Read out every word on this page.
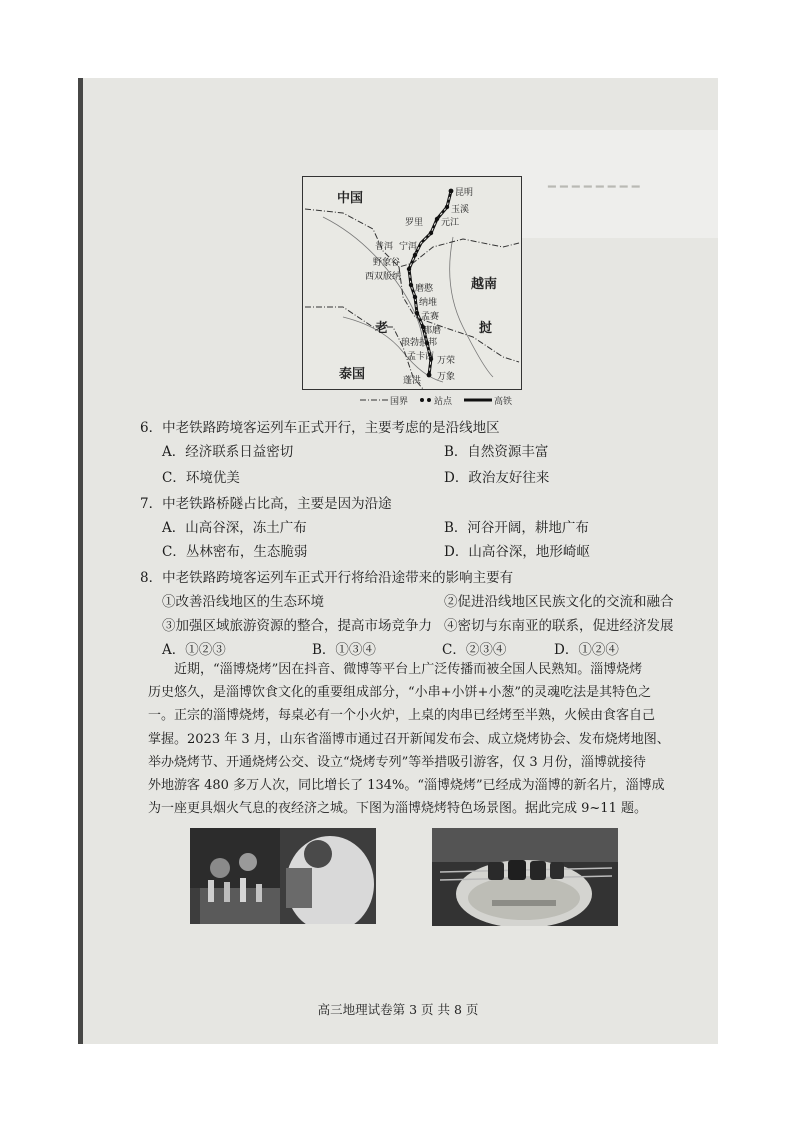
━ ━ ━ ━ ━ ━ ━ ━
中国
越南
老	挝
泰国
昆明
玉溪
元江
罗里
普洱 宁洱
野象谷
西双版纳
磨憨
纳堆
孟赛
那磨
琅勃拉邦
孟卡西 万荣
万象
蓬洪
国界	站点	高铁
6．中老铁路跨境客运列车正式开行，主要考虑的是沿线地区
A．经济联系日益密切	B．自然资源丰富
C．环境优美	D．政治友好往来
7．中老铁路桥隧占比高，主要是因为沿途
A．山高谷深，冻土广布	B．河谷开阔，耕地广布
C．丛林密布，生态脆弱	D．山高谷深，地形崎岖
8．中老铁路跨境客运列车正式开行将给沿途带来的影响主要有
①改善沿线地区的生态环境	②促进沿线地区民族文化的交流和融合
③加强区域旅游资源的整合，提高市场竞争力 ④密切与东南亚的联系，促进经济发展
A．①②③	B．①③④	C．②③④	D．①②④
近期，“淄博烧烤”因在抖音、微博等平台上广泛传播而被全国人民熟知。淄博烧烤
历史悠久，是淄博饮食文化的重要组成部分，“小串+小饼+小葱”的灵魂吃法是其特色之
一。正宗的淄博烧烤，每桌必有一个小火炉，上桌的肉串已经烤至半熟，火候由食客自己
掌握。2023 年 3 月，山东省淄博市通过召开新闻发布会、成立烧烤协会、发布烧烤地图、
举办烧烤节、开通烧烤公交、设立“烧烤专列”等举措吸引游客，仅 3 月份，淄博就接待
外地游客 480 多万人次，同比增长了 134%。“淄博烧烤”已经成为淄博的新名片，淄博成
为一座更具烟火气息的夜经济之城。下图为淄博烧烤特色场景图。据此完成 9~11 题。
高三地理试卷第 3 页 共 8 页
